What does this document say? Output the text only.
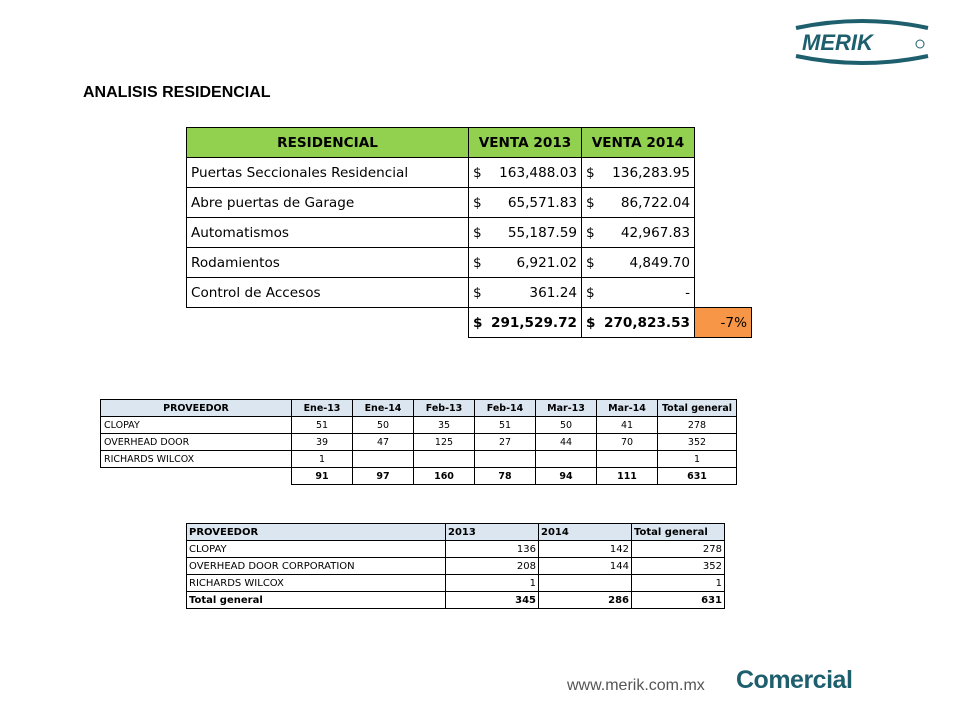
MERIK
ANALISIS RESIDENCIAL
RESIDENCIAL	VENTA 2013	VENTA 2014	
Puertas Seccionales Residencial	$ 163,488.03	$ 136,283.95	

Abre puertas de Garage	$ 65,571.83	$ 86,722.04	

Automatismos	$ 55,187.59	$ 42,967.83	

Rodamientos	$ 6,921.02	$ 4,849.70	

Control de Accesos	$ 361.24	$ -	

	$ 291,529.72	$ 270,823.53	-7%
PROVEEDOR	Ene-13	Ene-14	Feb-13	Feb-14	Mar-13	Mar-14	Total general
CLOPAY	51	50	35	51	50	41	278
OVERHEAD DOOR	39	47	125	27	44	70	352
RICHARDS WILCOX	1						1
	91	97	160	78	94	111	631
PROVEEDOR	2013	2014	Total general
CLOPAY	136	142	278
OVERHEAD DOOR CORPORATION	208	144	352
RICHARDS WILCOX	1		1
Total general	345	286	631
www.merik.com.mx Comercial
